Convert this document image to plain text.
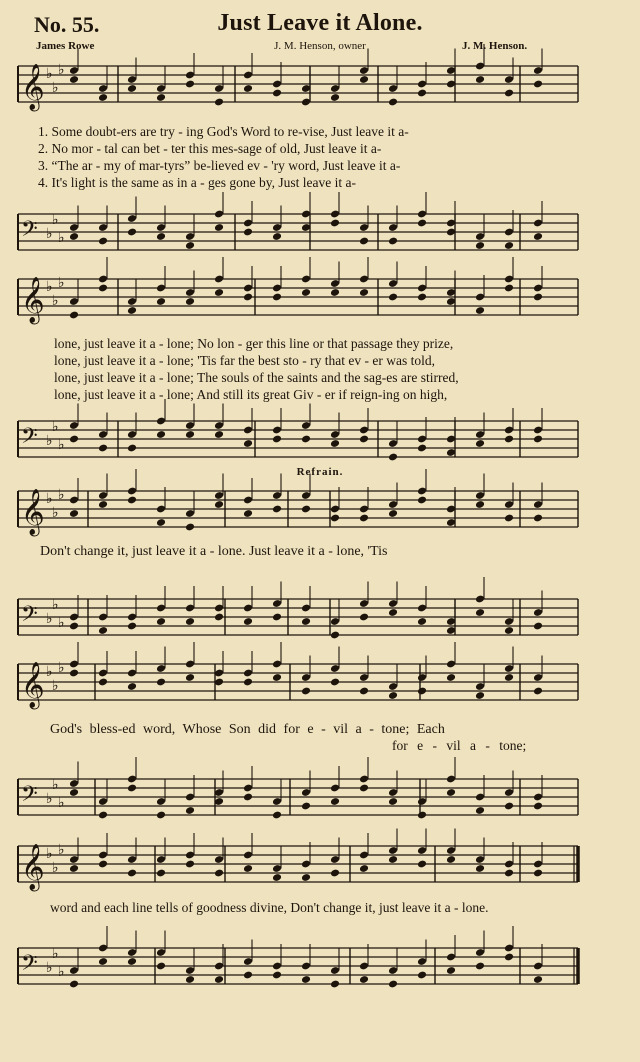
No. 55.	Just Leave it Alone.
James Rowe	J. M. Henson, owner	J. M. Henson.
𝄞 ♭
♭
♭
1. Some doubt-ers are try - ing God's Word to re-vise, Just leave it a-
2. No mor - tal can bet - ter this mes-sage of old, Just leave it a-
3. “The ar - my of mar-tyrs” be-lieved ev - 'ry word, Just leave it a-
4. It's light is the same as in a - ges gone by, Just leave it a-
𝄢 ♭
♭
♭
𝄞 ♭
♭
♭
lone, just leave it a - lone; No lon - ger this line or that passage they prize,
lone, just leave it a - lone; 'Tis far the best sto - ry that ev - er was told,
lone, just leave it a - lone; The souls of the saints and the sag-es are stirred,
lone, just leave it a - lone; And still its great Giv - er if reign-ing on high,
𝄢 ♭
♭
♭
Refrain.
𝄞 ♭
♭
♭
Don't change it, just leave it a - lone. Just leave it a - lone, 'Tis
𝄢 ♭
♭
♭
𝄞 ♭
♭
♭
God's bless-ed word, Whose Son did for e - vil a - tone; Each
for e - vil a - tone;
𝄢 ♭
♭
♭
𝄞 ♭
♭
♭
word and each line tells of goodness divine, Don't change it, just leave it a - lone.
𝄢 ♭
♭
♭
